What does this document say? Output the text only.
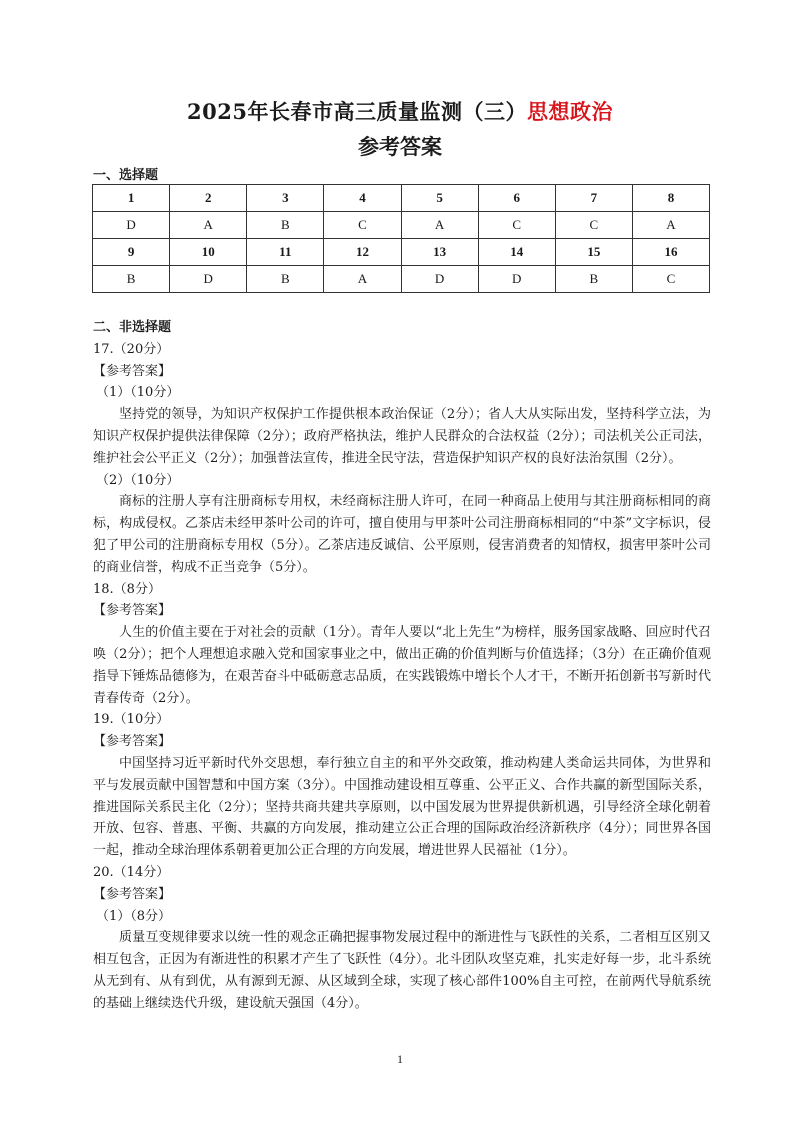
2025年长春市高三质量监测（三）思想政治
参考答案
一、选择题
1	2	3	4	5	6	7	8
D	A	B	C	A	C	C	A
9	10	11	12	13	14	15	16
B	D	B	A	D	D	B	C

二、非选择题

17.（20分）

【参考答案】

（1）（10分）

坚持党的领导，为知识产权保护工作提供根本政治保证（2分）；省人大从实际出发，坚持科学立法，为知识产权保护提供法律保障（2分）；政府严格执法，维护人民群众的合法权益（2分）；司法机关公正司法，维护社会公平正义（2分）；加强普法宣传，推进全民守法，营造保护知识产权的良好法治氛围（2分）。

（2）（10分）

商标的注册人享有注册商标专用权，未经商标注册人许可，在同一种商品上使用与其注册商标相同的商标，构成侵权。乙茶店未经甲茶叶公司的许可，擅自使用与甲茶叶公司注册商标相同的“中茶”文字标识，侵犯了甲公司的注册商标专用权（5分）。乙茶店违反诚信、公平原则，侵害消费者的知情权，损害甲茶叶公司的商业信誉，构成不正当竞争（5分）。

18.（8分）

【参考答案】

人生的价值主要在于对社会的贡献（1分）。青年人要以“北上先生”为榜样，服务国家战略、回应时代召唤（2分）；把个人理想追求融入党和国家事业之中，做出正确的价值判断与价值选择；（3分）在正确价值观指导下锤炼品德修为，在艰苦奋斗中砥砺意志品质，在实践锻炼中增长个人才干，不断开拓创新书写新时代青春传奇（2分）。

19.（10分）

【参考答案】

中国坚持习近平新时代外交思想，奉行独立自主的和平外交政策，推动构建人类命运共同体，为世界和平与发展贡献中国智慧和中国方案（3分）。中国推动建设相互尊重、公平正义、合作共赢的新型国际关系，推进国际关系民主化（2分）；坚持共商共建共享原则，以中国发展为世界提供新机遇，引导经济全球化朝着开放、包容、普惠、平衡、共赢的方向发展，推动建立公正合理的国际政治经济新秩序（4分）；同世界各国一起，推动全球治理体系朝着更加公正合理的方向发展，增进世界人民福祉（1分）。

20.（14分）

【参考答案】

（1）（8分）

质量互变规律要求以统一性的观念正确把握事物发展过程中的渐进性与飞跃性的关系，二者相互区别又相互包含，正因为有渐进性的积累才产生了飞跃性（4分）。北斗团队攻坚克难，扎实走好每一步，北斗系统从无到有、从有到优，从有源到无源、从区域到全球，实现了核心部件100%自主可控，在前两代导航系统的基础上继续迭代升级，建设航天强国（4分）。

1
